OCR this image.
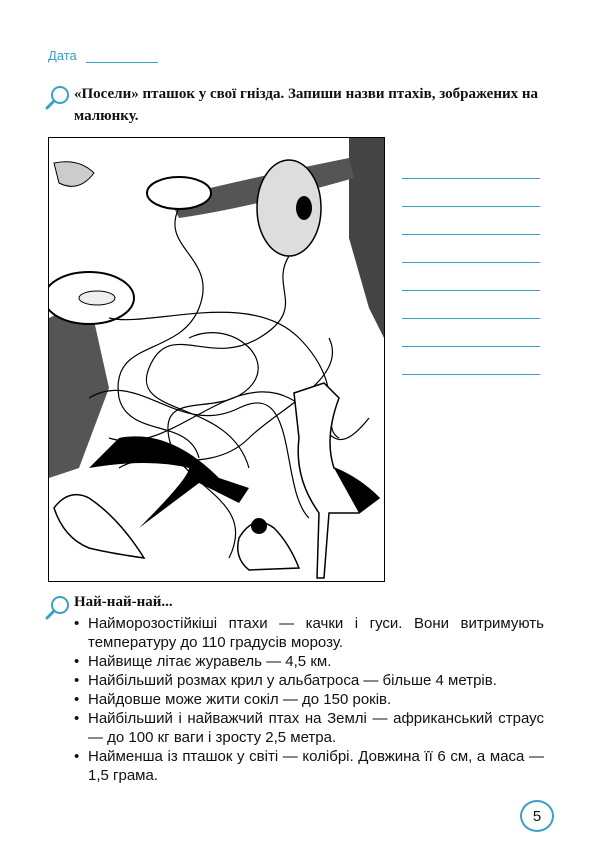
Дата
«Посели» пташок у свої гнізда. Запиши назви птахів, зображених на малюнку.
Най-най-най...
• Найморозостійкіші птахи — качки і гуси. Вони витримують температуру до 110 градусів морозу.
• Найвище літає журавель — 4,5 км.
• Найбільший розмах крил у альбатроса — більше 4 метрів.
• Найдовше може жити сокіл — до 150 років.
• Найбільший і найважчий птах на Землі — африканський страус — до 100 кг ваги і зросту 2,5 метра.
• Найменша із пташок у світі — колібрі. Довжина її 6 см, а маса — 1,5 грама.
5
